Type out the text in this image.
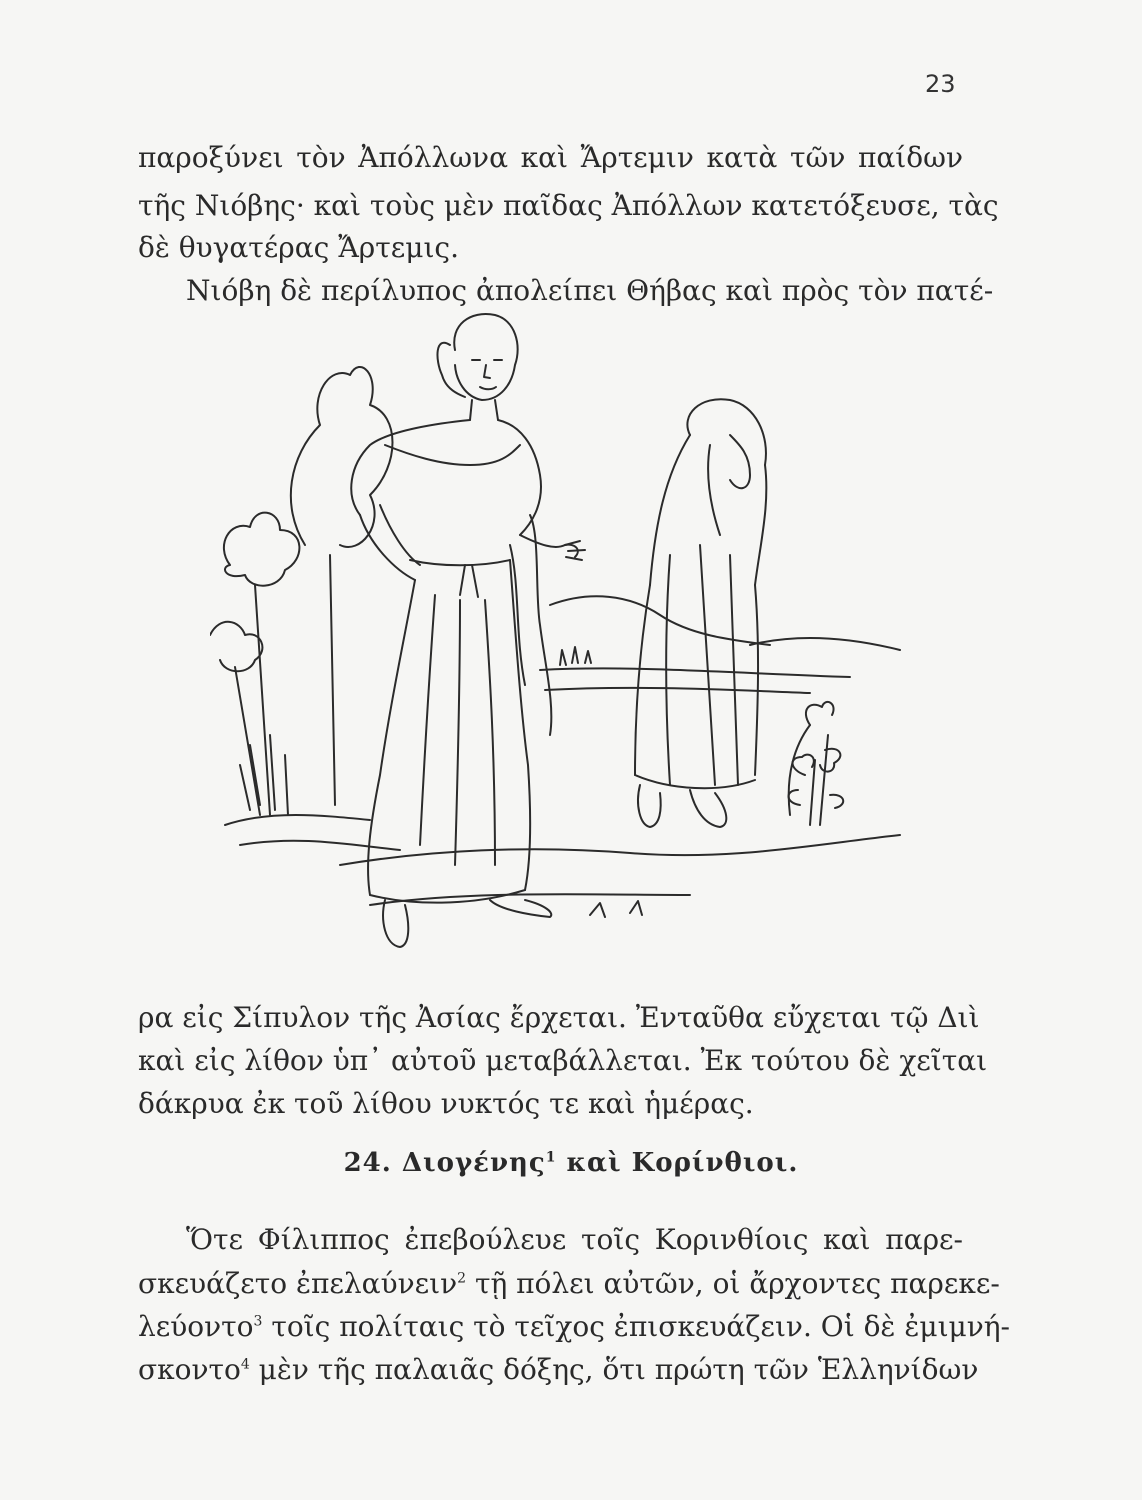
23
παροξύνει τὸν Ἀπόλλωνα καὶ Ἄρτεμιν κατὰ τῶν παίδων
τῆς Νιόβης· καὶ τοὺς μὲν παῖδας Ἀπόλλων κατετόξευσε, τὰς
δὲ θυγατέρας Ἄρτεμις.
Νιόβη δὲ περίλυπος ἀπολείπει Θήβας καὶ πρὸς τὸν πατέ-
ρα εἰς Σίπυλον τῆς Ἀσίας ἔρχεται. Ἐνταῦθα εὔχεται τῷ Διὶ
καὶ εἰς λίθον ὑπ᾽ αὐτοῦ μεταβάλλεται. Ἐκ τούτου δὲ χεῖται
δάκρυα ἐκ τοῦ λίθου νυκτός τε καὶ ἡμέρας.
24. Διογένης$^1$ καὶ Κορίνθιοι.
Ὅτε Φίλιππος ἐπεβούλευε τοῖς Κορινθίοις καὶ παρε-
σκευάζετο ἐπελαύνειν$^2$ τῇ πόλει αὐτῶν, οἱ ἄρχοντες παρεκε-
λεύοντο$^3$ τοῖς πολίταις τὸ τεῖχος ἐπισκευάζειν. Οἱ δὲ ἐμιμνή-
σκοντο$^4$ μὲν τῆς παλαιᾶς δόξης, ὅτι πρώτη τῶν Ἑλληνίδων
